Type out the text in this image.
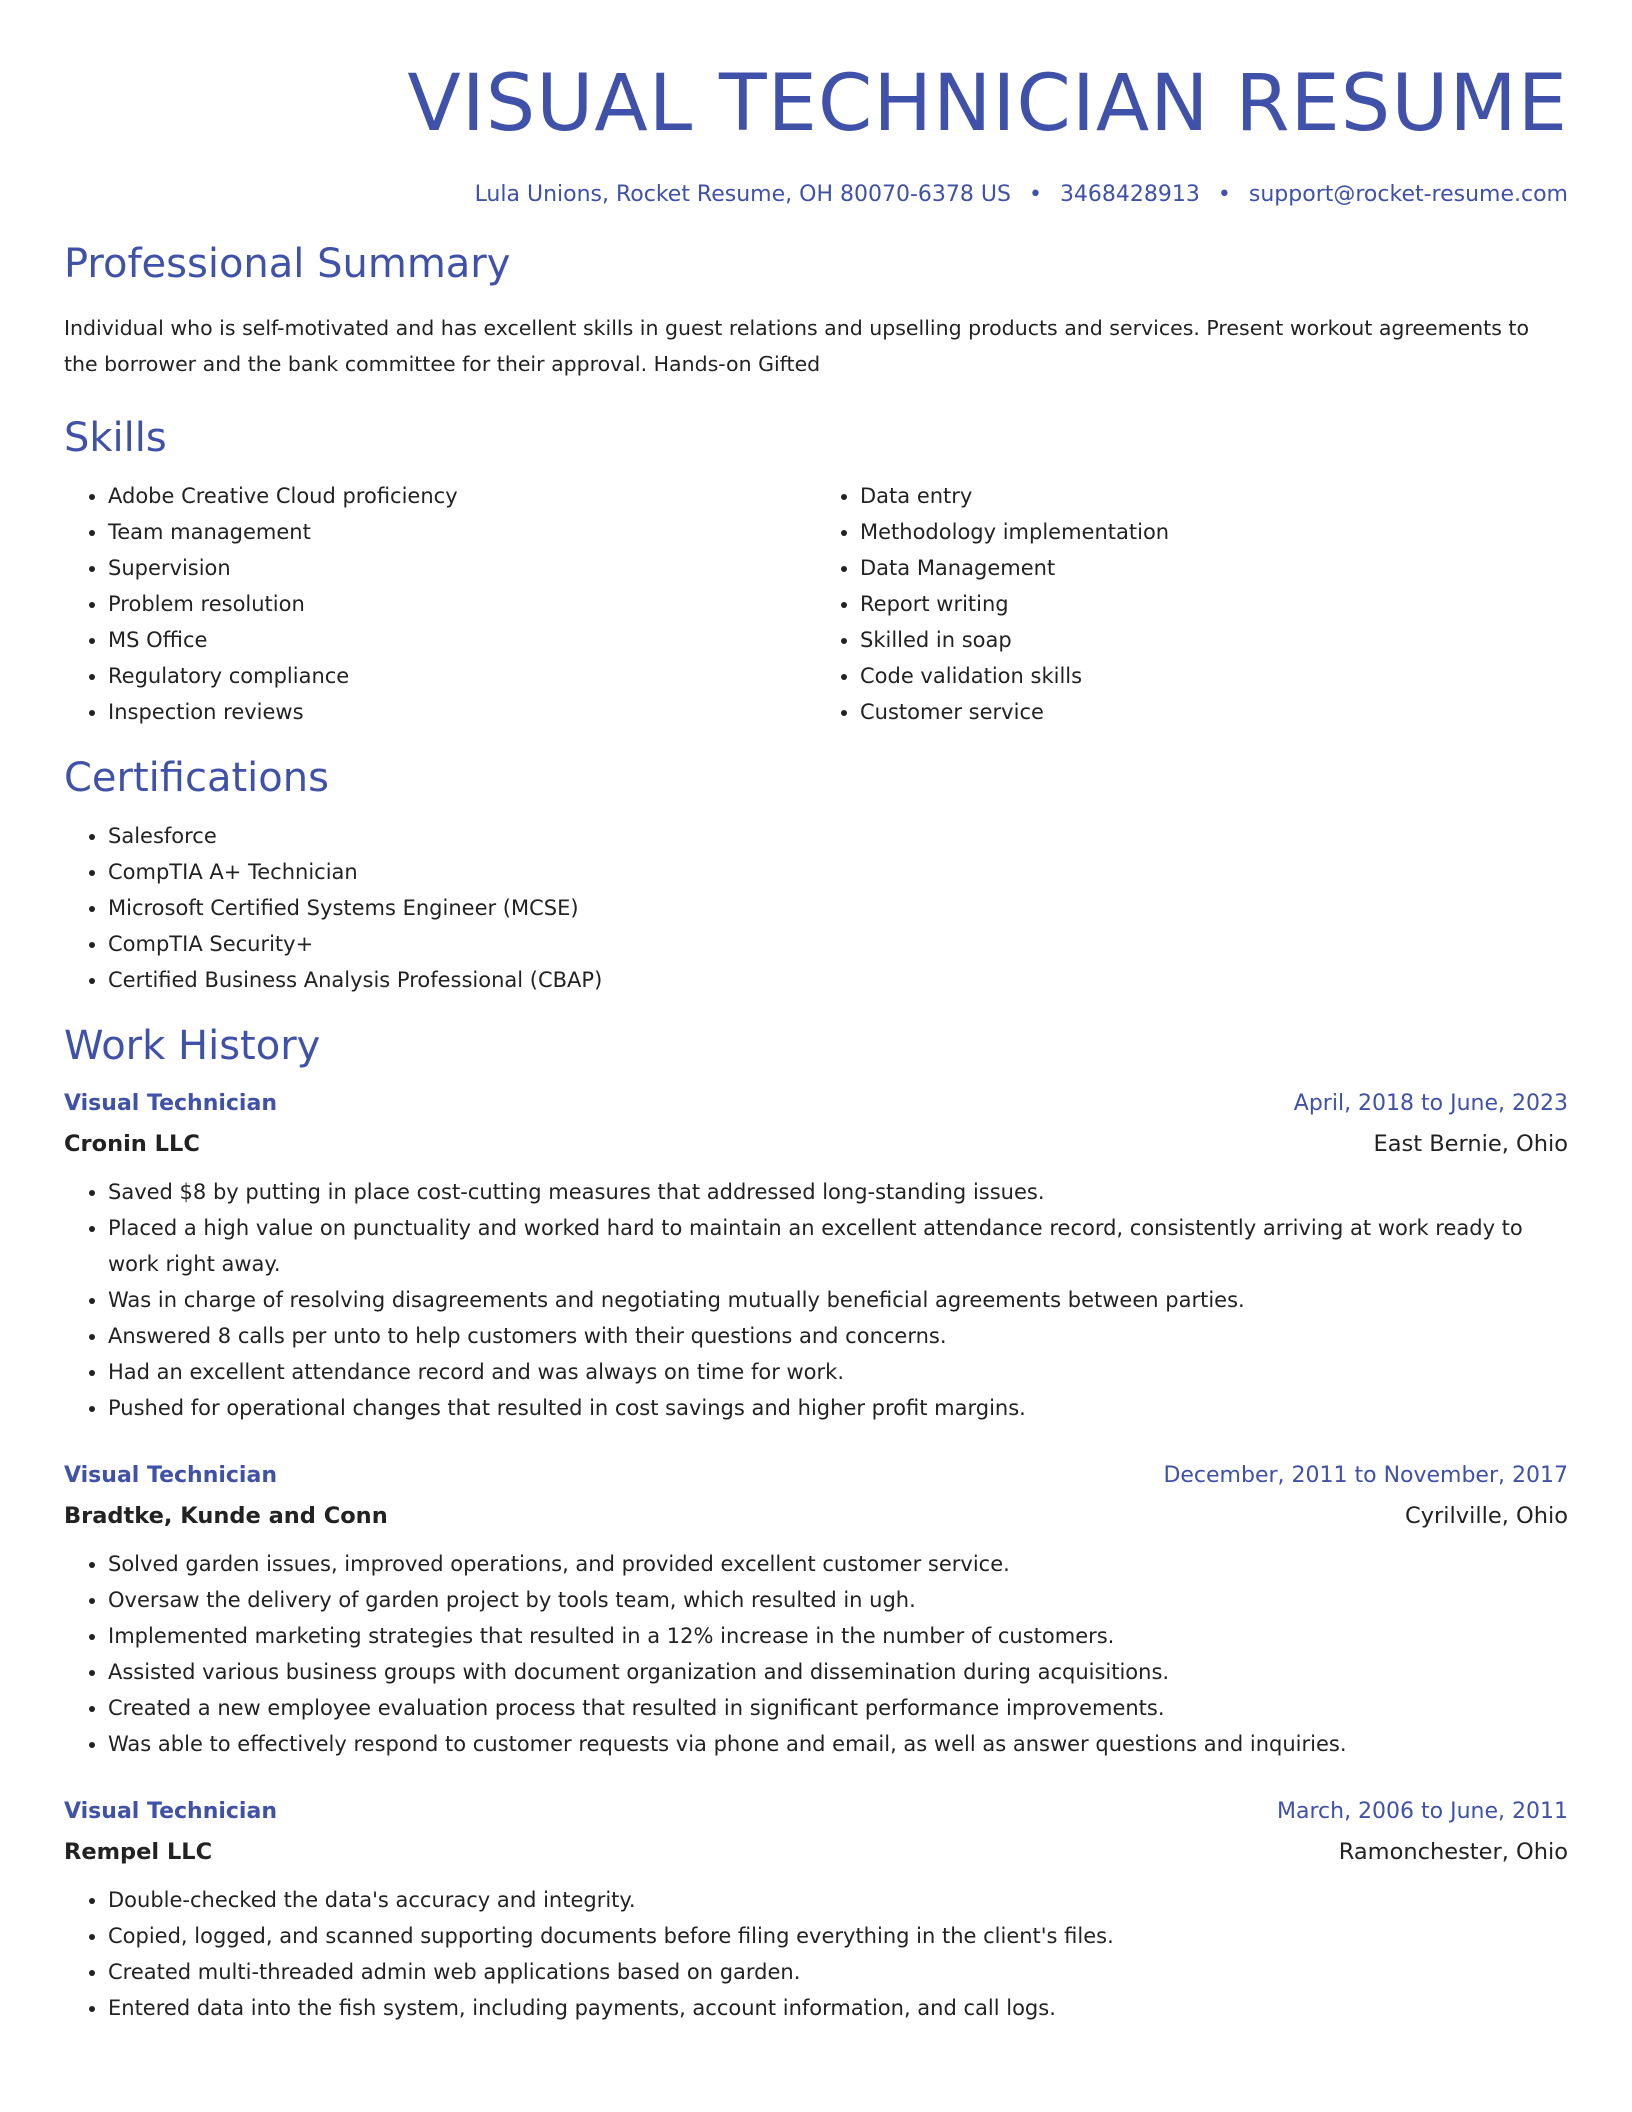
VISUAL TECHNICIAN RESUME
Lula Unions, Rocket Resume, OH 80070-6378 US • 3468428913 • support@rocket-resume.com
Professional Summary

Individual who is self-motivated and has excellent skills in guest relations and upselling products and services. Present workout agreements to the borrower and the bank committee for their approval. Hands-on Gifted

Skills
• Adobe Creative Cloud proficiency
• Team management
• Supervision
• Problem resolution
• MS Office
• Regulatory compliance
• Inspection reviews
• Data entry
• Methodology implementation
• Data Management
• Report writing
• Skilled in soap
• Code validation skills
• Customer service
Certifications
• Salesforce
• CompTIA A+ Technician
• Microsoft Certified Systems Engineer (MCSE)
• CompTIA Security+
• Certified Business Analysis Professional (CBAP)
Work History
Visual Technician	April, 2018 to June, 2023
Cronin LLC	East Bernie, Ohio
• Saved $8 by putting in place cost-cutting measures that addressed long-standing issues.
• Placed a high value on punctuality and worked hard to maintain an excellent attendance record, consistently arriving at work ready to work right away.
• Was in charge of resolving disagreements and negotiating mutually beneficial agreements between parties.
• Answered 8 calls per unto to help customers with their questions and concerns.
• Had an excellent attendance record and was always on time for work.
• Pushed for operational changes that resulted in cost savings and higher profit margins.
Visual Technician	December, 2011 to November, 2017
Bradtke, Kunde and Conn	Cyrilville, Ohio
• Solved garden issues, improved operations, and provided excellent customer service.
• Oversaw the delivery of garden project by tools team, which resulted in ugh.
• Implemented marketing strategies that resulted in a 12% increase in the number of customers.
• Assisted various business groups with document organization and dissemination during acquisitions.
• Created a new employee evaluation process that resulted in significant performance improvements.
• Was able to effectively respond to customer requests via phone and email, as well as answer questions and inquiries.
Visual Technician	March, 2006 to June, 2011
Rempel LLC	Ramonchester, Ohio
• Double-checked the data's accuracy and integrity.
• Copied, logged, and scanned supporting documents before filing everything in the client's files.
• Created multi-threaded admin web applications based on garden.
• Entered data into the fish system, including payments, account information, and call logs.
